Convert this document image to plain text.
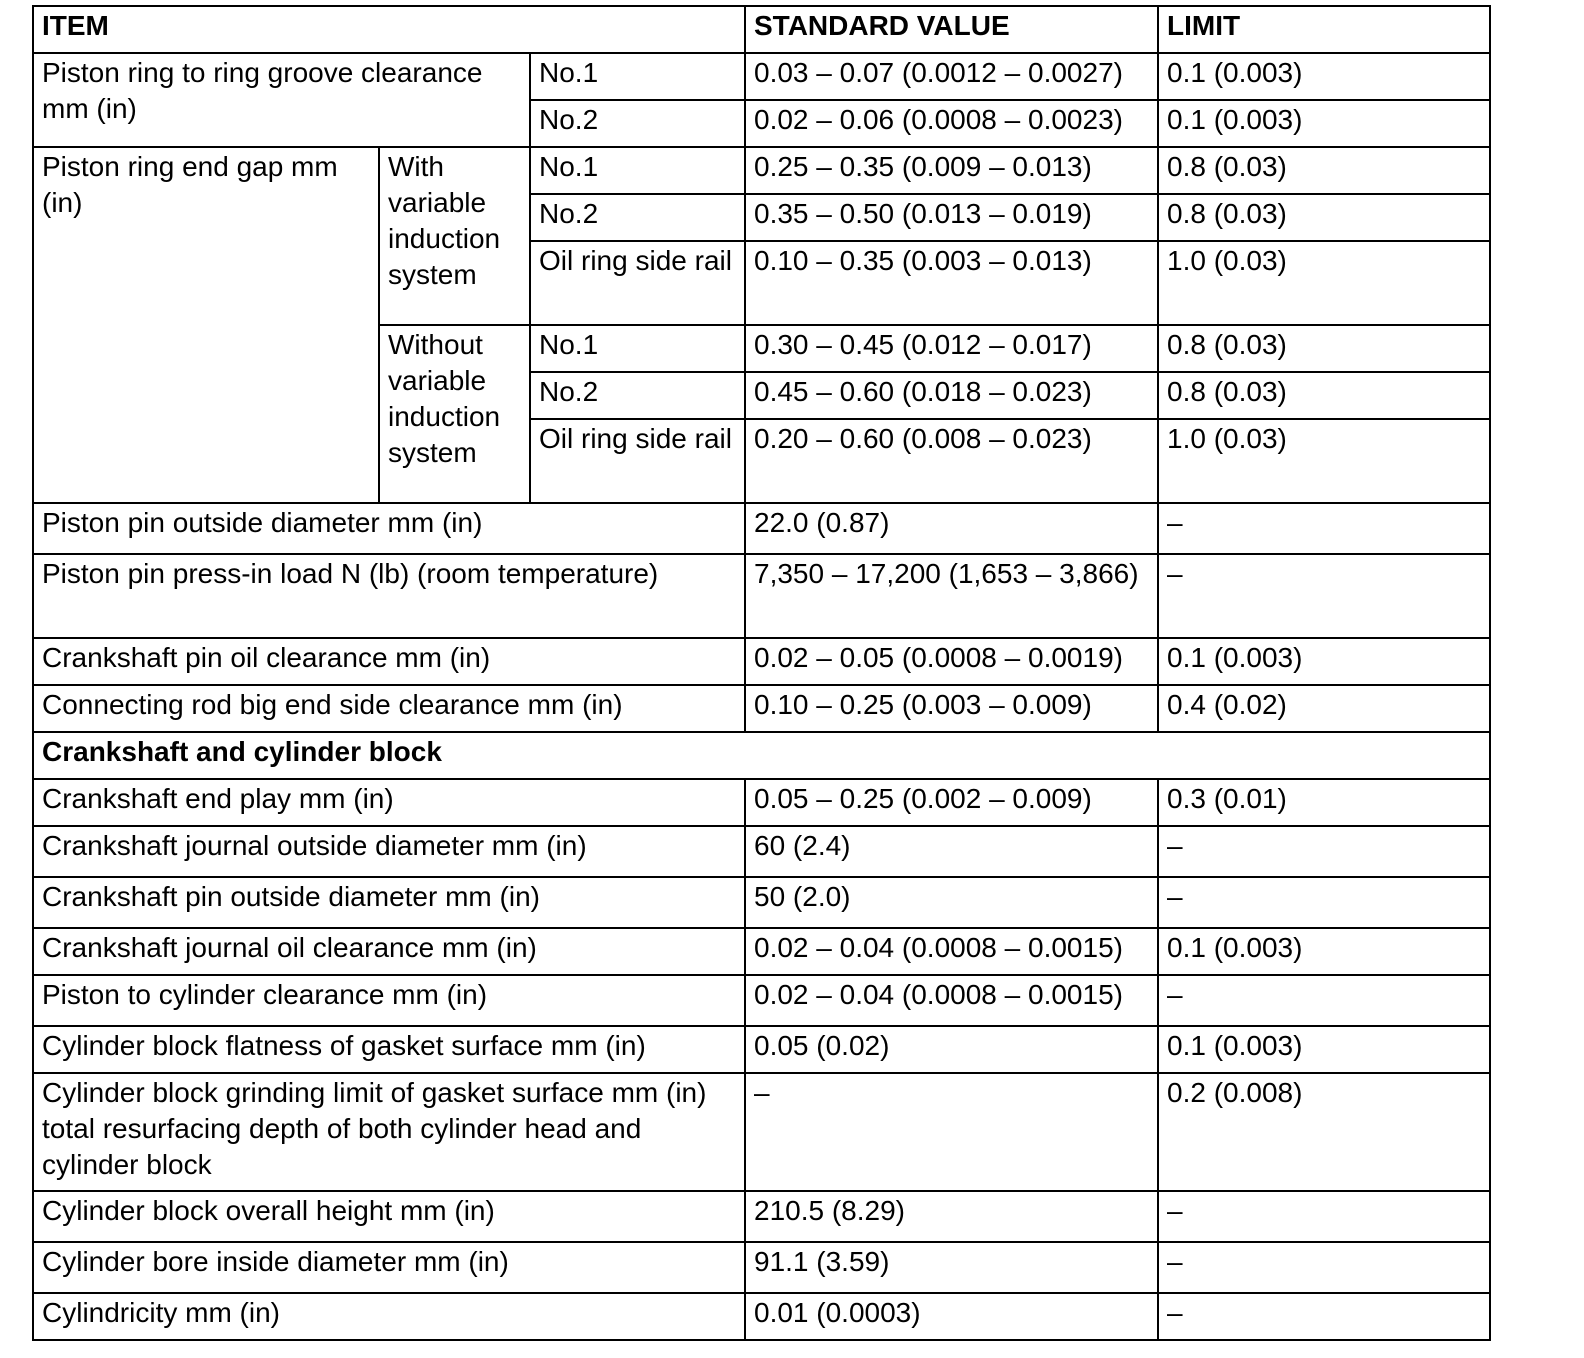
ITEM			STANDARD VALUE	LIMIT
Piston ring to ring groove clearance mm (in)		No.1	0.03 – 0.07 (0.0012 – 0.0027)	0.1 (0.003)
		No.2	0.02 – 0.06 (0.0008 – 0.0023)	0.1 (0.003)
Piston ring end gap mm (in)	With variable induction system	No.1	0.25 – 0.35 (0.009 – 0.013)	0.8 (0.03)
		No.2	0.35 – 0.50 (0.013 – 0.019)	0.8 (0.03)
		Oil ring side rail	0.10 – 0.35 (0.003 – 0.013)	1.0 (0.03)
	Without variable induction system	No.1	0.30 – 0.45 (0.012 – 0.017)	0.8 (0.03)
		No.2	0.45 – 0.60 (0.018 – 0.023)	0.8 (0.03)
		Oil ring side rail	0.20 – 0.60 (0.008 – 0.023)	1.0 (0.03)
Piston pin outside diameter mm (in)			22.0 (0.87)	–
Piston pin press-in load N (lb) (room temperature)			7,350 – 17,200 (1,653 – 3,866)	–
Crankshaft pin oil clearance mm (in)			0.02 – 0.05 (0.0008 – 0.0019)	0.1 (0.003)
Connecting rod big end side clearance mm (in)			0.10 – 0.25 (0.003 – 0.009)	0.4 (0.02)
Crankshaft and cylinder block				
Crankshaft end play mm (in)			0.05 – 0.25 (0.002 – 0.009)	0.3 (0.01)
Crankshaft journal outside diameter mm (in)			60 (2.4)	–
Crankshaft pin outside diameter mm (in)			50 (2.0)	–
Crankshaft journal oil clearance mm (in)			0.02 – 0.04 (0.0008 – 0.0015)	0.1 (0.003)
Piston to cylinder clearance mm (in)			0.02 – 0.04 (0.0008 – 0.0015)	–
Cylinder block flatness of gasket surface mm (in)			0.05 (0.02)	0.1 (0.003)
Cylinder block grinding limit of gasket surface mm (in) total resurfacing depth of both cylinder head and cylinder block			–	0.2 (0.008)
Cylinder block overall height mm (in)			210.5 (8.29)	–
Cylinder bore inside diameter mm (in)			91.1 (3.59)	–
Cylindricity mm (in)			0.01 (0.0003)	–
